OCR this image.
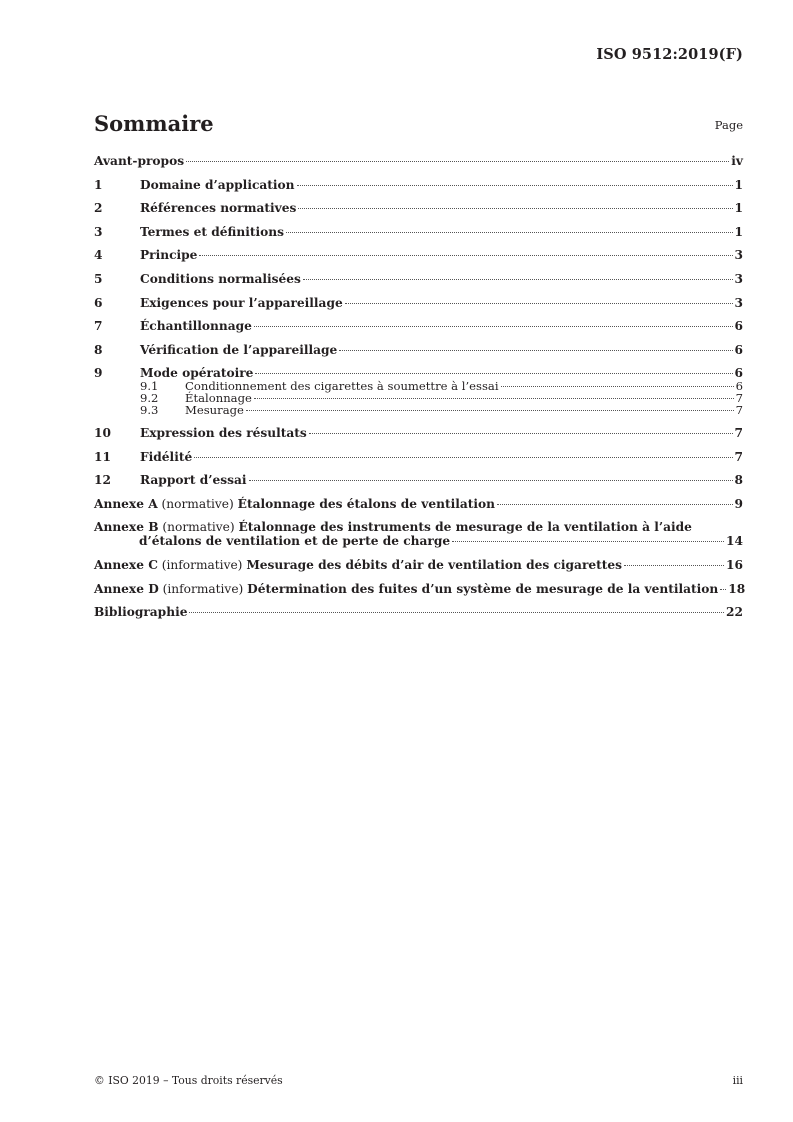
ISO 9512:2019(F)
Sommaire	Page
Avant-propos	iv
1	Domaine d’application	1
2	Références normatives	1
3	Termes et définitions	1
4	Principe	3
5	Conditions normalisées	3
6	Exigences pour l’appareillage	3
7	Échantillonnage	6
8	Vérification de l’appareillage	6
9	Mode opératoire	6
9.1	Conditionnement des cigarettes à soumettre à l’essai	6
9.2	Étalonnage	7
9.3	Mesurage	7
10	Expression des résultats	7
11	Fidélité	7
12	Rapport d’essai	8
Annexe A (normative) Étalonnage des étalons de ventilation	9
Annexe B (normative) Étalonnage des instruments de mesurage de la ventilation à l’aide
d’étalons de ventilation et de perte de charge	14
Annexe C (informative) Mesurage des débits d’air de ventilation des cigarettes	16
Annexe D (informative) Détermination des fuites d’un système de mesurage de la ventilation 18
Bibliographie	22
© ISO 2019 – Tous droits réservés	iii
